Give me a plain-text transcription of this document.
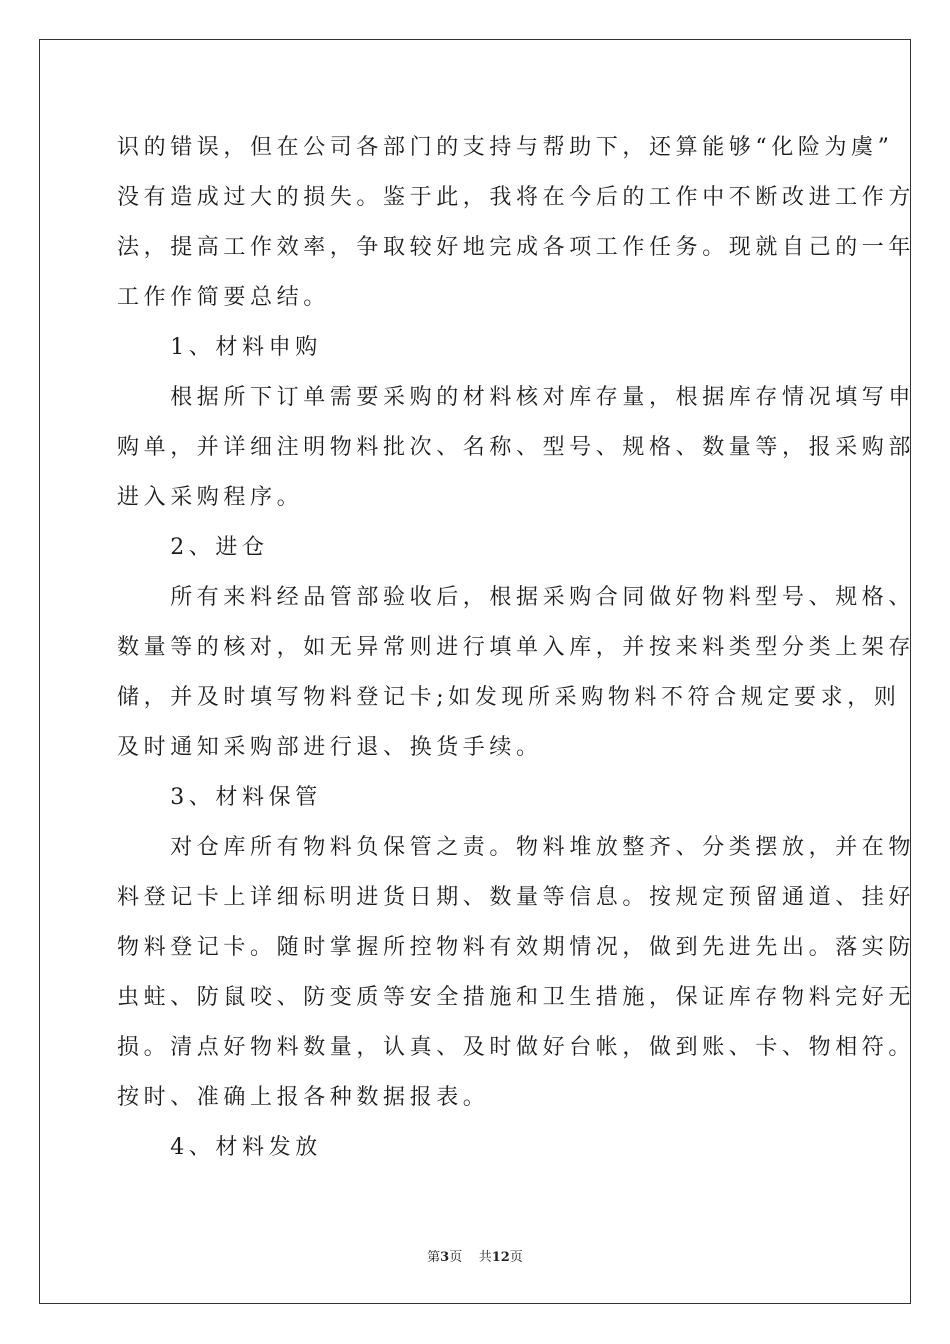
识的错误，但在公司各部门的支持与帮助下，还算能够“化险为虞”
没有造成过大的损失。鉴于此，我将在今后的工作中不断改进工作方
法，提高工作效率，争取较好地完成各项工作任务。现就自己的一年
工作作简要总结。
　　1、材料申购
　　根据所下订单需要采购的材料核对库存量，根据库存情况填写申
购单，并详细注明物料批次、名称、型号、规格、数量等，报采购部
进入采购程序。
　　2、进仓
　　所有来料经品管部验收后，根据采购合同做好物料型号、规格、
数量等的核对，如无异常则进行填单入库，并按来料类型分类上架存
储，并及时填写物料登记卡;如发现所采购物料不符合规定要求，则
及时通知采购部进行退、换货手续。
　　3、材料保管
　　对仓库所有物料负保管之责。物料堆放整齐、分类摆放，并在物
料登记卡上详细标明进货日期、数量等信息。按规定预留通道、挂好
物料登记卡。随时掌握所控物料有效期情况，做到先进先出。落实防
虫蛀、防鼠咬、防变质等安全措施和卫生措施，保证库存物料完好无
损。清点好物料数量，认真、及时做好台帐，做到账、卡、物相符。
按时、准确上报各种数据报表。
　　4、材料发放
第3页 共12页
